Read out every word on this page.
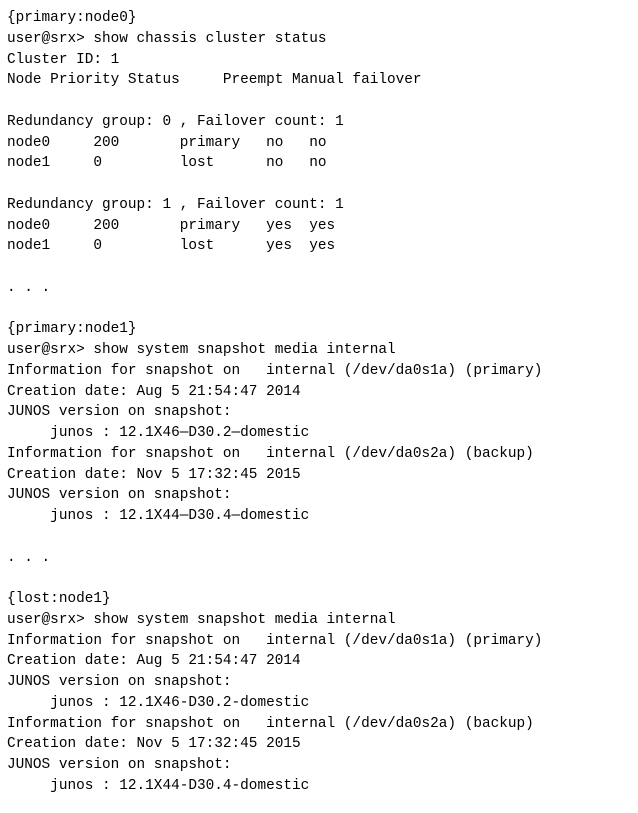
{primary:node0}
user@srx> show chassis cluster status
Cluster ID: 1
Node Priority Status     Preempt Manual failover
Redundancy group: 0 , Failover count: 1
node0     200       primary   no   no
node1     0         lost      no   no
Redundancy group: 1 , Failover count: 1
node0     200       primary   yes  yes
node1     0         lost      yes  yes
. . .
{primary:node1}
user@srx> show system snapshot media internal
Information for snapshot on   internal (/dev/da0s1a) (primary)
Creation date: Aug 5 21:54:47 2014
JUNOS version on snapshot:
junos : 12.1X46—D30.2—domestic
Information for snapshot on   internal (/dev/da0s2a) (backup)
Creation date: Nov 5 17:32:45 2015
JUNOS version on snapshot:
junos : 12.1X44—D30.4—domestic
. . .
{lost:node1}
user@srx> show system snapshot media internal
Information for snapshot on   internal (/dev/da0s1a) (primary)
Creation date: Aug 5 21:54:47 2014
JUNOS version on snapshot:
junos : 12.1X46-D30.2-domestic
Information for snapshot on   internal (/dev/da0s2a) (backup)
Creation date: Nov 5 17:32:45 2015
JUNOS version on snapshot:
junos : 12.1X44-D30.4-domestic
